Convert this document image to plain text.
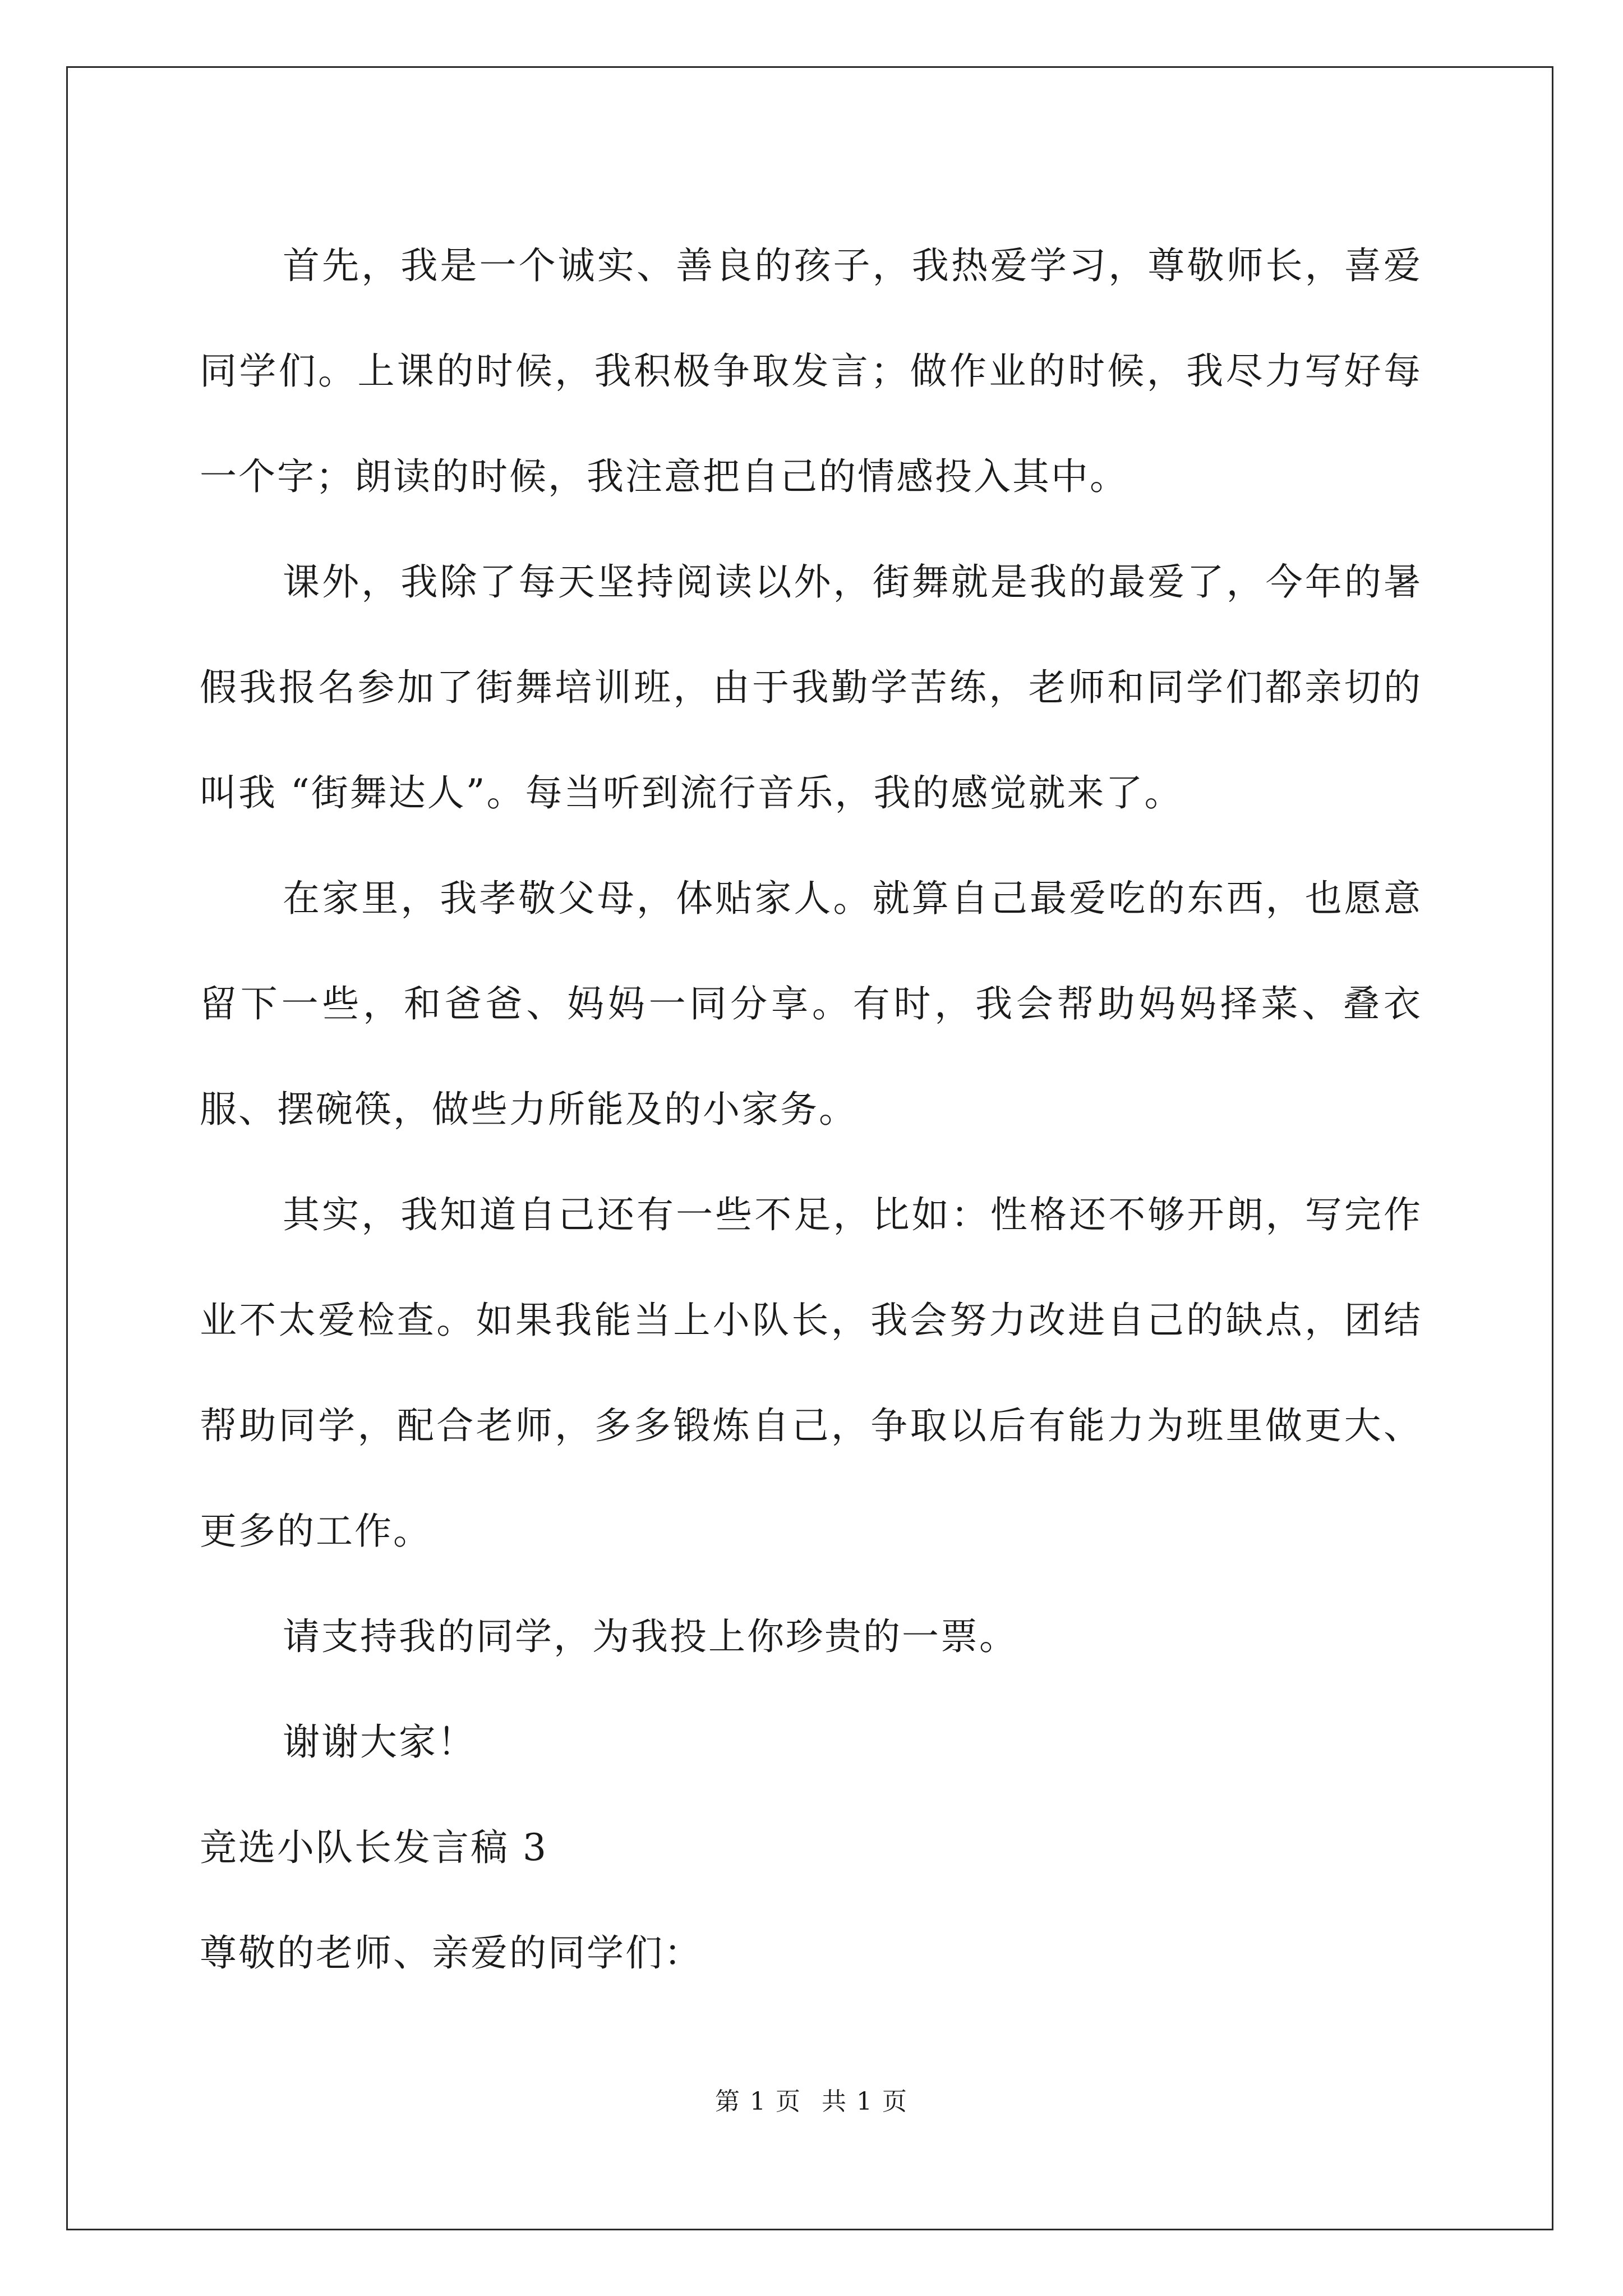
首先，我是一个诚实、善良的孩子，我热爱学习，尊敬师长，喜爱同学们。上课的时候，我积极争取发言；做作业的时候，我尽力写好每一个字；朗读的时候，我注意把自己的情感投入其中。

课外，我除了每天坚持阅读以外，街舞就是我的最爱了，今年的暑假我报名参加了街舞培训班，由于我勤学苦练，老师和同学们都亲切的叫我 “街舞达人”。每当听到流行音乐，我的感觉就来了。

在家里，我孝敬父母，体贴家人。就算自己最爱吃的东西，也愿意留下一些，和爸爸、妈妈一同分享。有时，我会帮助妈妈择菜、叠衣服、摆碗筷，做些力所能及的小家务。

其实，我知道自己还有一些不足，比如：性格还不够开朗，写完作业不太爱检查。如果我能当上小队长，我会努力改进自己的缺点，团结帮助同学，配合老师，多多锻炼自己，争取以后有能力为班里做更大、更多的工作。

请支持我的同学，为我投上你珍贵的一票。

谢谢大家！

竞选小队长发言稿 3

尊敬的老师、亲爱的同学们：

第 1 页 共 1 页
